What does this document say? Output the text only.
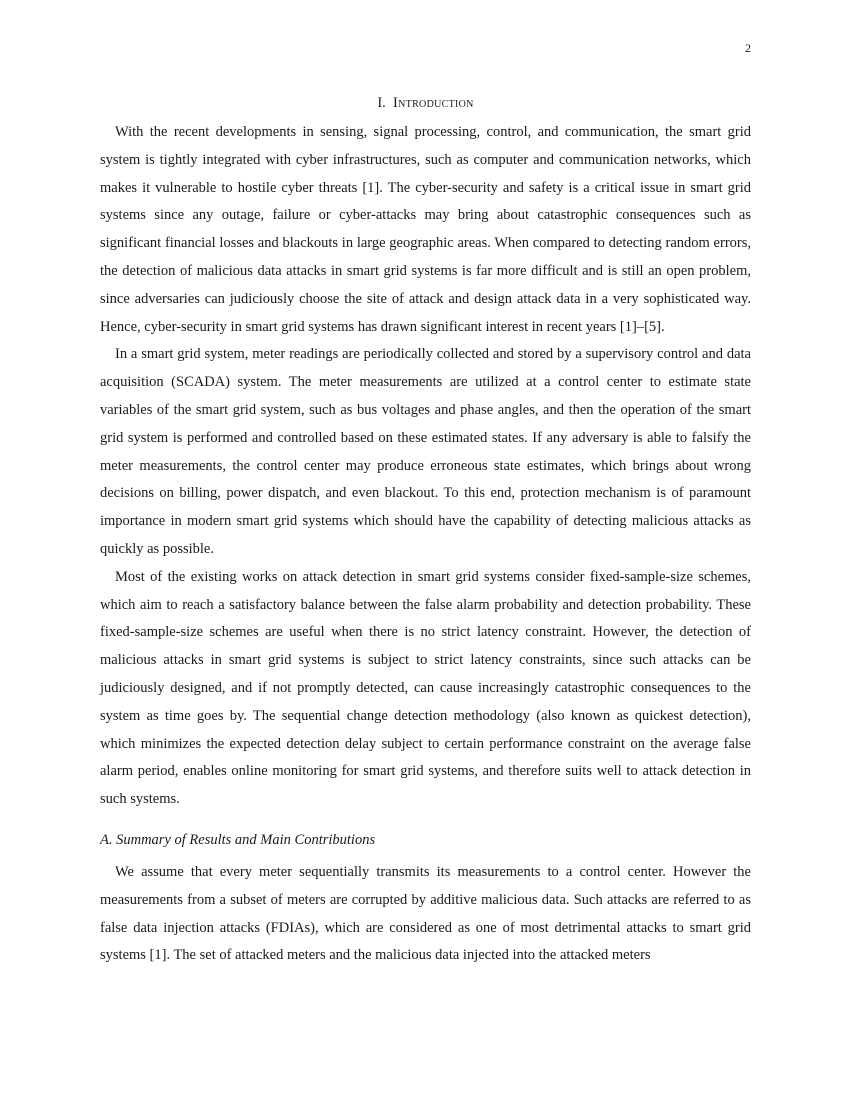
2
I. Introduction

With the recent developments in sensing, signal processing, control, and communication, the smart grid system is tightly integrated with cyber infrastructures, such as computer and communication networks, which makes it vulnerable to hostile cyber threats [1]. The cyber-security and safety is a critical issue in smart grid systems since any outage, failure or cyber-attacks may bring about catastrophic consequences such as significant financial losses and blackouts in large geographic areas. When compared to detecting random errors, the detection of malicious data attacks in smart grid systems is far more difficult and is still an open problem, since adversaries can judiciously choose the site of attack and design attack data in a very sophisticated way. Hence, cyber-security in smart grid systems has drawn significant interest in recent years [1]–[5].

In a smart grid system, meter readings are periodically collected and stored by a supervisory control and data acquisition (SCADA) system. The meter measurements are utilized at a control center to estimate state variables of the smart grid system, such as bus voltages and phase angles, and then the operation of the smart grid system is performed and controlled based on these estimated states. If any adversary is able to falsify the meter measurements, the control center may produce erroneous state estimates, which brings about wrong decisions on billing, power dispatch, and even blackout. To this end, protection mechanism is of paramount importance in modern smart grid systems which should have the capability of detecting malicious attacks as quickly as possible.

Most of the existing works on attack detection in smart grid systems consider fixed-sample-size schemes, which aim to reach a satisfactory balance between the false alarm probability and detection probability. These fixed-sample-size schemes are useful when there is no strict latency constraint. However, the detection of malicious attacks in smart grid systems is subject to strict latency constraints, since such attacks can be judiciously designed, and if not promptly detected, can cause increasingly catastrophic consequences to the system as time goes by. The sequential change detection methodology (also known as quickest detection), which minimizes the expected detection delay subject to certain performance constraint on the average false alarm period, enables online monitoring for smart grid systems, and therefore suits well to attack detection in such systems.

A. Summary of Results and Main Contributions

We assume that every meter sequentially transmits its measurements to a control center. However the measurements from a subset of meters are corrupted by additive malicious data. Such attacks are referred to as false data injection attacks (FDIAs), which are considered as one of most detrimental attacks to smart grid systems [1]. The set of attacked meters and the malicious data injected into the attacked meters
